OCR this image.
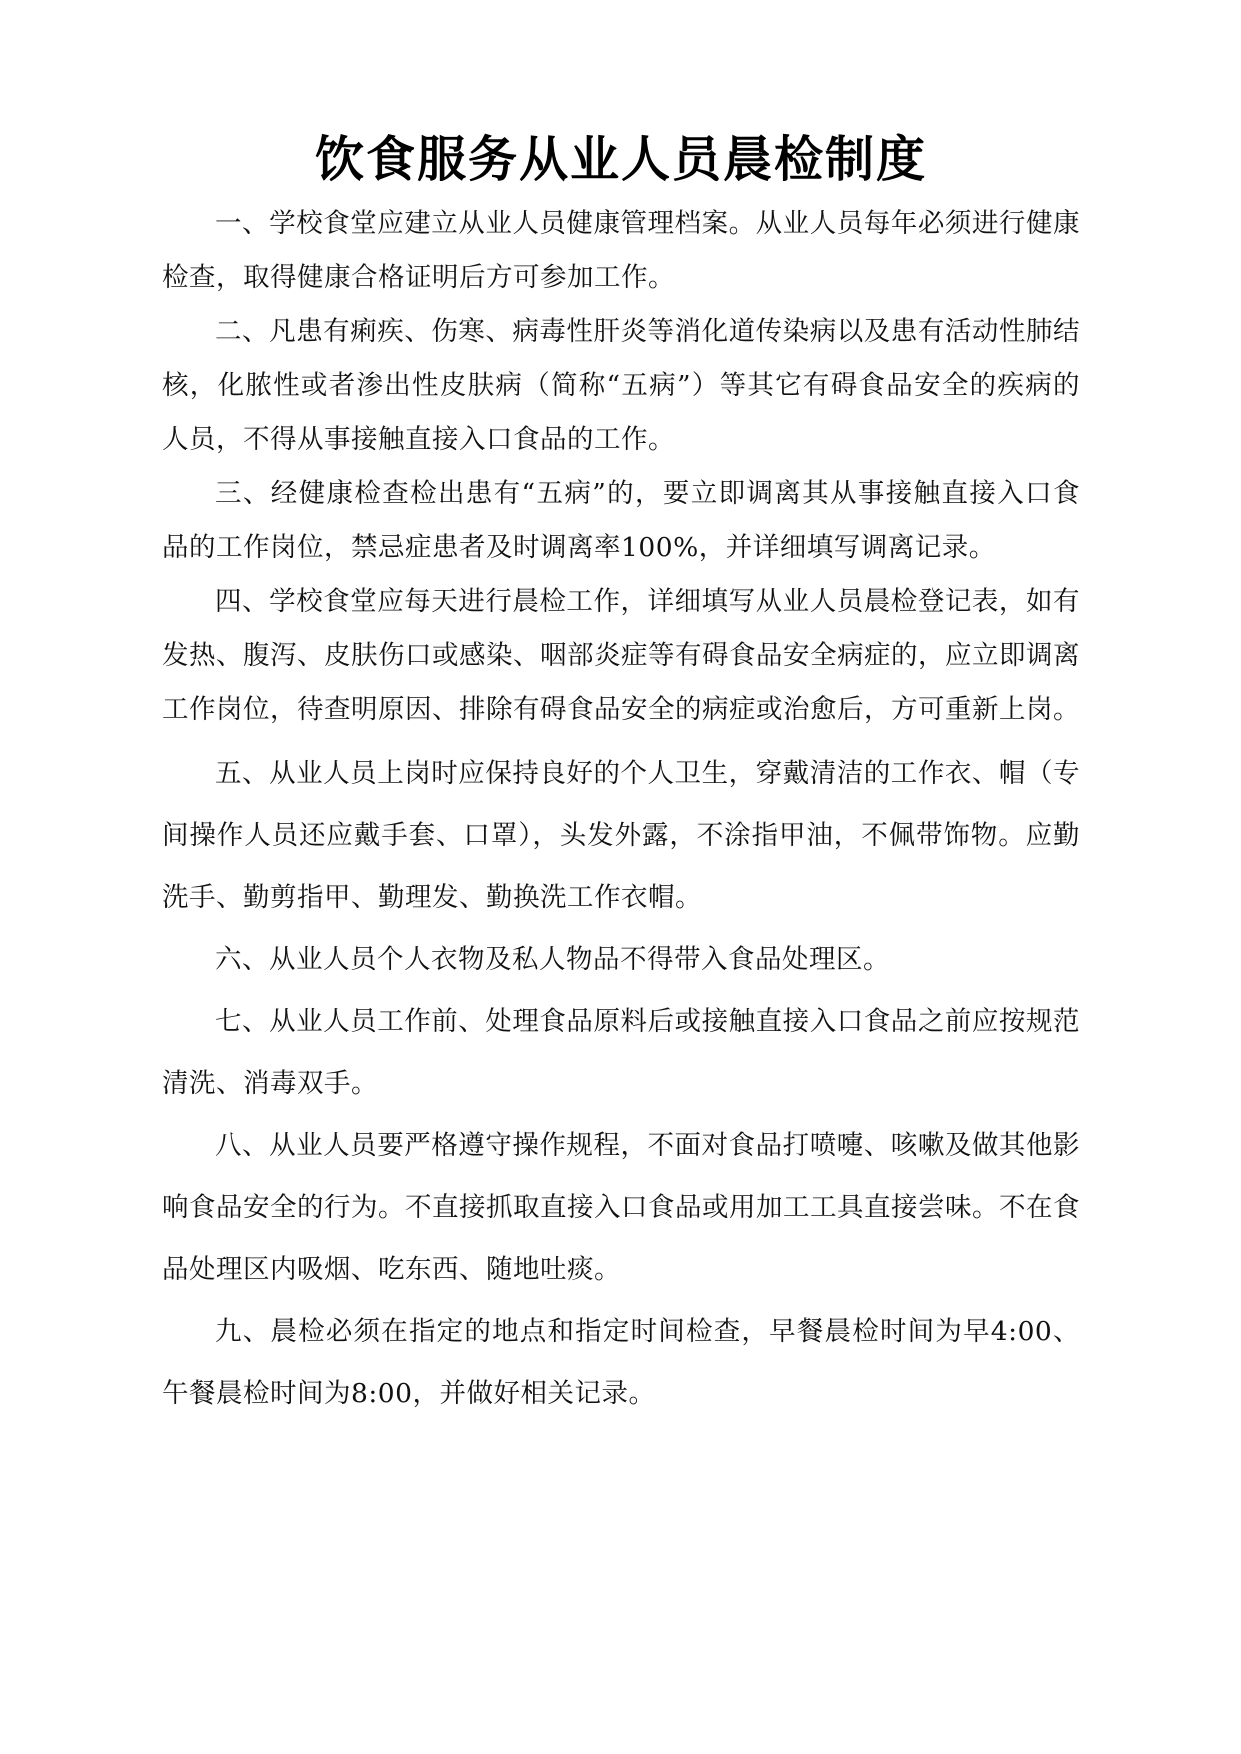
饮食服务从业人员晨检制度

一、学校食堂应建立从业人员健康管理档案。从业人员每年必须进行健康检查，取得健康合格证明后方可参加工作。

二、凡患有痢疾、伤寒、病毒性肝炎等消化道传染病以及患有活动性肺结核，化脓性或者渗出性皮肤病（简称“五病”）等其它有碍食品安全的疾病的人员，不得从事接触直接入口食品的工作。

三、经健康检查检出患有“五病”的，要立即调离其从事接触直接入口食品的工作岗位，禁忌症患者及时调离率100%，并详细填写调离记录。

四、学校食堂应每天进行晨检工作，详细填写从业人员晨检登记表，如有发热、腹泻、皮肤伤口或感染、咽部炎症等有碍食品安全病症的，应立即调离工作岗位，待查明原因、排除有碍食品安全的病症或治愈后，方可重新上岗。

五、从业人员上岗时应保持良好的个人卫生，穿戴清洁的工作衣、帽（专间操作人员还应戴手套、口罩），头发外露，不涂指甲油，不佩带饰物。应勤洗手、勤剪指甲、勤理发、勤换洗工作衣帽。

六、从业人员个人衣物及私人物品不得带入食品处理区。

七、从业人员工作前、处理食品原料后或接触直接入口食品之前应按规范清洗、消毒双手。

八、从业人员要严格遵守操作规程，不面对食品打喷嚏、咳嗽及做其他影响食品安全的行为。不直接抓取直接入口食品或用加工工具直接尝味。不在食品处理区内吸烟、吃东西、随地吐痰。

九、晨检必须在指定的地点和指定时间检查，早餐晨检时间为早4:00、午餐晨检时间为8:00，并做好相关记录。
